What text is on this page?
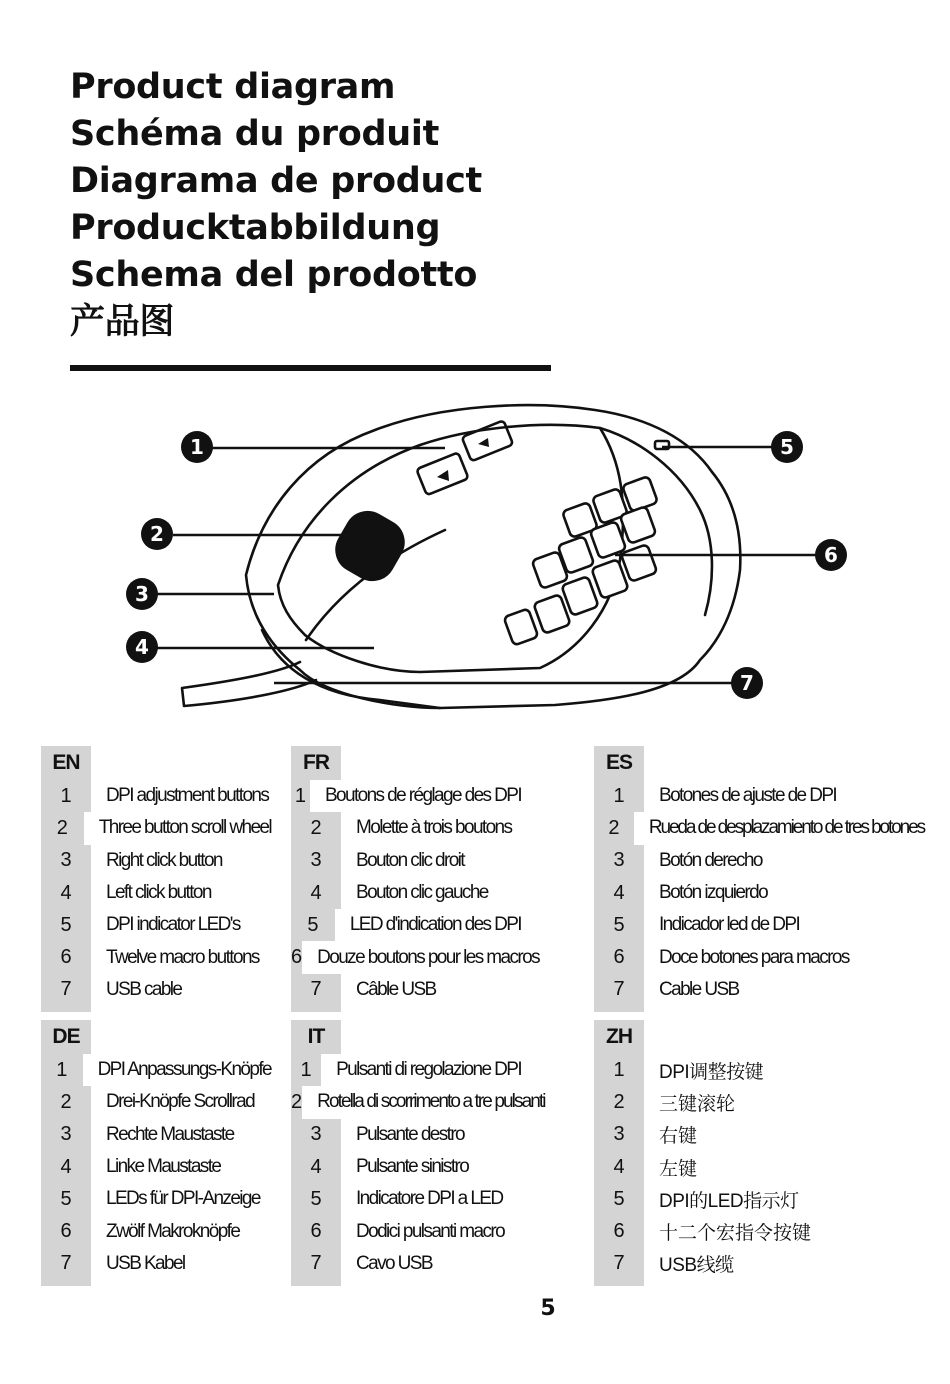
Product diagram
Schéma du produit
Diagrama de product
Producktabbildung
Schema del prodotto
产品图
1
2
3
4
5
6
7
EN
1	DPI adjustment buttons
2	Three button scroll wheel
3	Right click button
4	Left click button
5	DPI indicator LED's
6	Twelve macro buttons
7	USB cable
FR
1 Boutons de réglage des DPI
2	Molette à trois boutons
3	Bouton clic droit
4	Bouton clic gauche
5	LED d'indication des DPI
6 Douze boutons pour les macros
7	Câble USB
ES
1	Botones de ajuste de DPI
2	Rueda de desplazamiento de tres botones
3	Botón derecho
4	Botón izquierdo
5	Indicador led de DPI
6	Doce botones para macros
7	Cable USB
DE
1	DPI Anpassungs-Knöpfe
2	Drei-Knöpfe Scrollrad
3	Rechte Maustaste
4	Linke Maustaste
5	LEDs für DPI-Anzeige
6	Zwölf Makroknöpfe
7	USB Kabel
IT
1	Pulsanti di regolazione DPI
2 Rotella di scorrimento a tre pulsanti
3	Pulsante destro
4	Pulsante sinistro
5	Indicatore DPI a LED
6	Dodici pulsanti macro
7	Cavo USB
ZH
1	DPI调整按键
2	三键滚轮
3	右键
4	左键
5	DPI的LED指示灯
6	十二个宏指令按键
7	USB线缆
5
